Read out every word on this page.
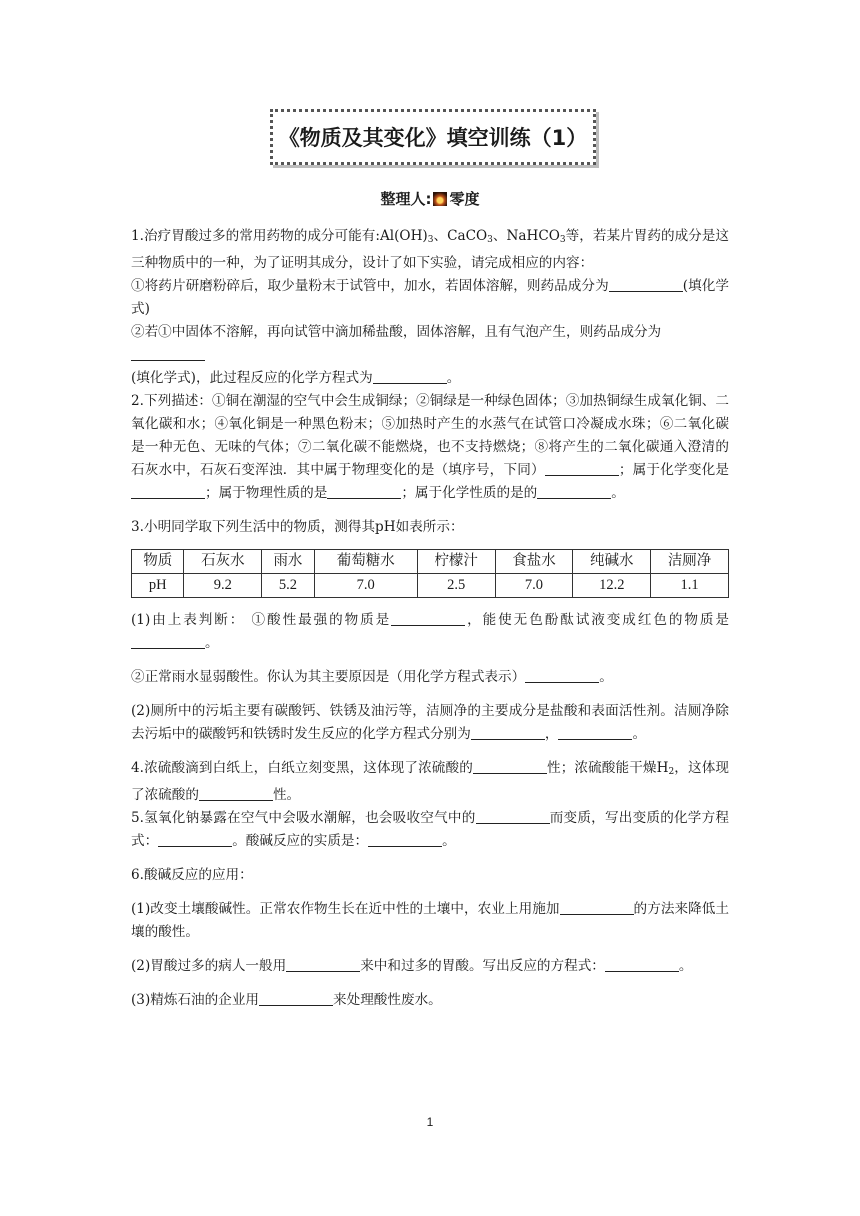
《物质及其变化》填空训练（1）
整理人: 零度

1.治疗胃酸过多的常用药物的成分可能有$:Al(OH)_3$、CaCO$_3$、NaHCO$_3$等，若某片胃药的成分是这三种物质中的一种，为了证明其成分，设计了如下实验，请完成相应的内容：

①将药片研磨粉碎后，取少量粉末于试管中，加水，若固体溶解，则药品成分为	(填化学式)

②若①中固体不溶解，再向试管中滴加稀盐酸，固体溶解，且有气泡产生，则药品成分为

(填化学式)，此过程反应的化学方程式为	。

2.下列描述：①铜在潮湿的空气中会生成铜绿；②铜绿是一种绿色固体；③加热铜绿生成氧化铜、二氧化碳和水；④氧化铜是一种黑色粉末；⑤加热时产生的水蒸气在试管口冷凝成水珠；⑥二氧化碳是一种无色、无味的气体；⑦二氧化碳不能燃烧，也不支持燃烧；⑧将产生的二氧化碳通入澄清的石灰水中，石灰石变浑浊．其中属于物理变化的是（填序号，下同）	；属于化学变化是；属于物理性质的是	；属于化学性质的是的	。

3.小明同学取下列生活中的物质，测得其pH如表所示：

物质	石灰水	雨水	葡萄糖水	柠檬汁	食盐水	纯碱水	洁厕净
pH	9.2	5.2	7.0	2.5	7.0	12.2	1.1

(1)由上表判断： ①酸性最强的物质是	，能使无色酚酞试液变成红色的物质是。

②正常雨水显弱酸性。你认为其主要原因是（用化学方程式表示）	。

(2)厕所中的污垢主要有碳酸钙、铁锈及油污等，洁厕净的主要成分是盐酸和表面活性剂。洁厕净除去污垢中的碳酸钙和铁锈时发生反应的化学方程式分别为	，	。

4.浓硫酸滴到白纸上，白纸立刻变黑，这体现了浓硫酸的	性；浓硫酸能干燥$H_2$，这体现了浓硫酸的	性。

5.氢氧化钠暴露在空气中会吸水潮解，也会吸收空气中的	而变质，写出变质的化学方程式：	。酸碱反应的实质是：	。

6.酸碱反应的应用：

(1)改变土壤酸碱性。正常农作物生长在近中性的土壤中，农业上用施加	的方法来降低土壤的酸性。

(2)胃酸过多的病人一般用	来中和过多的胃酸。写出反应的方程式：	。

(3)精炼石油的企业用	来处理酸性废水。

1
